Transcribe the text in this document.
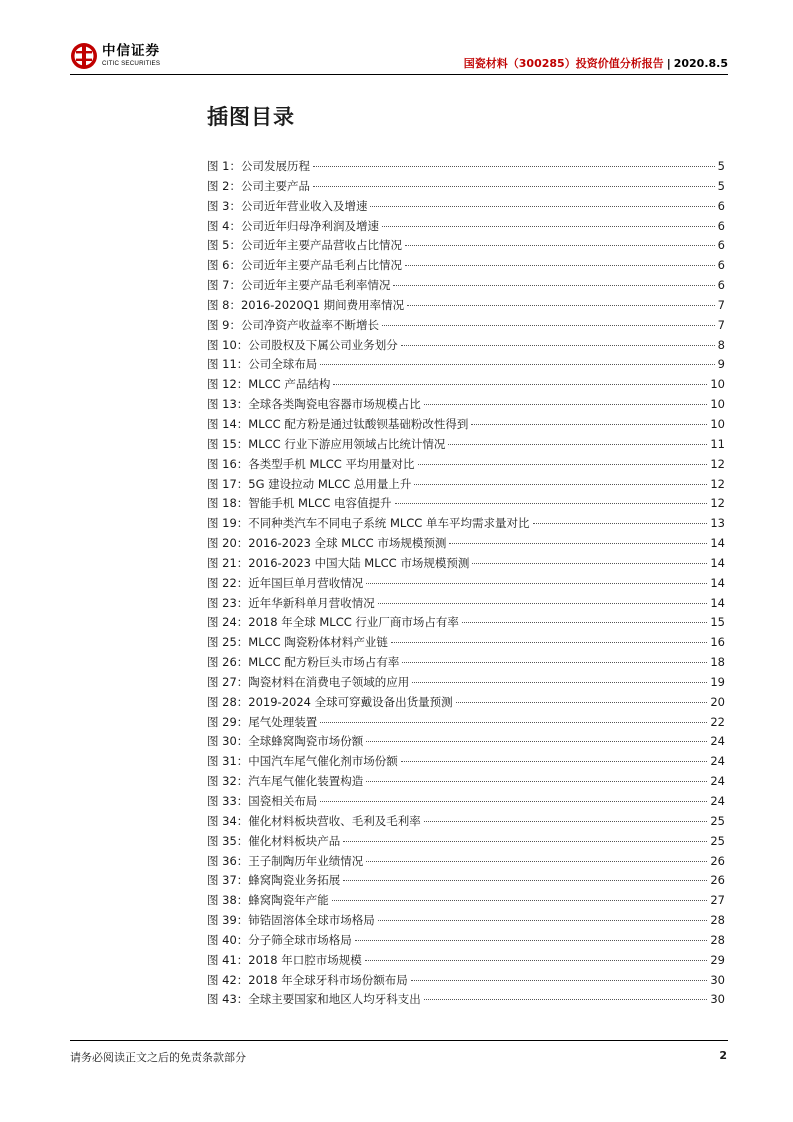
中信证券
CITIC SECURITIES	国瓷材料（300285）投资价值分析报告 | 2020.8.5
插图目录
图 1：公司发展历程	5
图 2：公司主要产品	5
图 3：公司近年营业收入及增速	6
图 4：公司近年归母净利润及增速	6
图 5：公司近年主要产品营收占比情况	6
图 6：公司近年主要产品毛利占比情况	6
图 7：公司近年主要产品毛利率情况	6
图 8：2016-2020Q1 期间费用率情况	7
图 9：公司净资产收益率不断增长	7
图 10：公司股权及下属公司业务划分	8
图 11：公司全球布局	9
图 12：MLCC 产品结构	10
图 13：全球各类陶瓷电容器市场规模占比	10
图 14：MLCC 配方粉是通过钛酸钡基础粉改性得到	10
图 15：MLCC 行业下游应用领域占比统计情况	11
图 16：各类型手机 MLCC 平均用量对比	12
图 17：5G 建设拉动 MLCC 总用量上升	12
图 18：智能手机 MLCC 电容值提升	12
图 19：不同种类汽车不同电子系统 MLCC 单车平均需求量对比	13
图 20：2016-2023 全球 MLCC 市场规模预测	14
图 21：2016-2023 中国大陆 MLCC 市场规模预测	14
图 22：近年国巨单月营收情况	14
图 23：近年华新科单月营收情况	14
图 24：2018 年全球 MLCC 行业厂商市场占有率	15
图 25：MLCC 陶瓷粉体材料产业链	16
图 26：MLCC 配方粉巨头市场占有率	18
图 27：陶瓷材料在消费电子领域的应用	19
图 28：2019-2024 全球可穿戴设备出货量预测	20
图 29：尾气处理装置	22
图 30：全球蜂窝陶瓷市场份额	24
图 31：中国汽车尾气催化剂市场份额	24
图 32：汽车尾气催化装置构造	24
图 33：国瓷相关布局	24
图 34：催化材料板块营收、毛利及毛利率	25
图 35：催化材料板块产品	25
图 36：王子制陶历年业绩情况	26
图 37：蜂窝陶瓷业务拓展	26
图 38：蜂窝陶瓷年产能	27
图 39：铈锆固溶体全球市场格局	28
图 40：分子筛全球市场格局	28
图 41：2018 年口腔市场规模	29
图 42：2018 年全球牙科市场份额布局	30
图 43：全球主要国家和地区人均牙科支出	30
请务必阅读正文之后的免责条款部分	2
